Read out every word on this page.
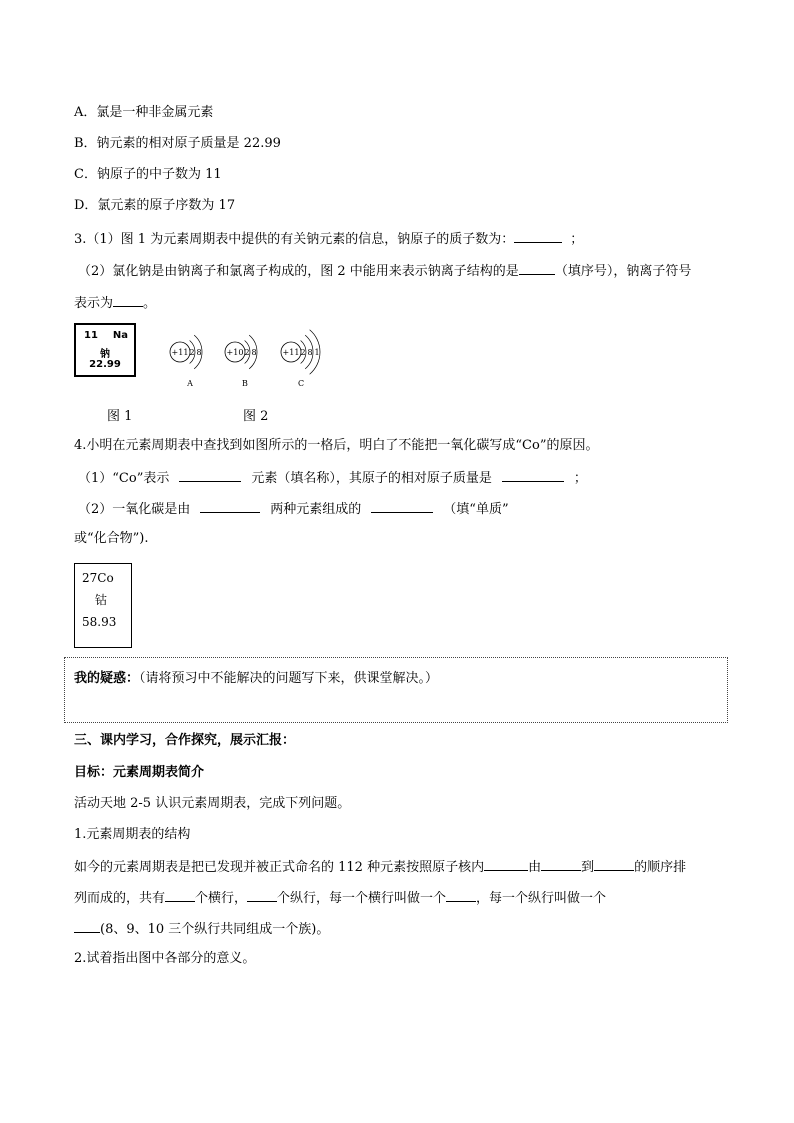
A．氯是一种非金属元素
B．钠元素的相对原子质量是 22.99
C．钠原子的中子数为 11
D．氯元素的原子序数为 17
3.（1）图 1 为元素周期表中提供的有关钠元素的信息，钠原子的质子数为：	；
（2）氯化钠是由钠离子和氯离子构成的，图 2 中能用来表示钠离子结构的是	（填序号），钠离子符号
表示为 。
11 Na
钠
22.99
+11 2 8
A
+10 2 8
B
+11 2 8 1
C
图 1	图 2
4.小明在元素周期表中查找到如图所示的一格后，明白了不能把一氧化碳写成“Co”的原因。
（1）“Co”表示	元素（填名称），其原子的相对原子质量是	；
（2）一氧化碳是由	两种元素组成的	（填“单质”
或“化合物”).
27Co
钴
58.93
我的疑惑：（请将预习中不能解决的问题写下来，供课堂解决。）
三、课内学习，合作探究，展示汇报：
目标：元素周期表简介
活动天地 2-5 认识元素周期表，完成下列问题。
1.元素周期表的结构
如今的元素周期表是把已发现并被正式命名的 112 种元素按照原子核内	由	到	的顺序排
列而成的，共有 个横行， 个纵行，每一个横行叫做一个 ，每一个纵行叫做一个
(8、9、10 三个纵行共同组成一个族)。
2.试着指出图中各部分的意义。
